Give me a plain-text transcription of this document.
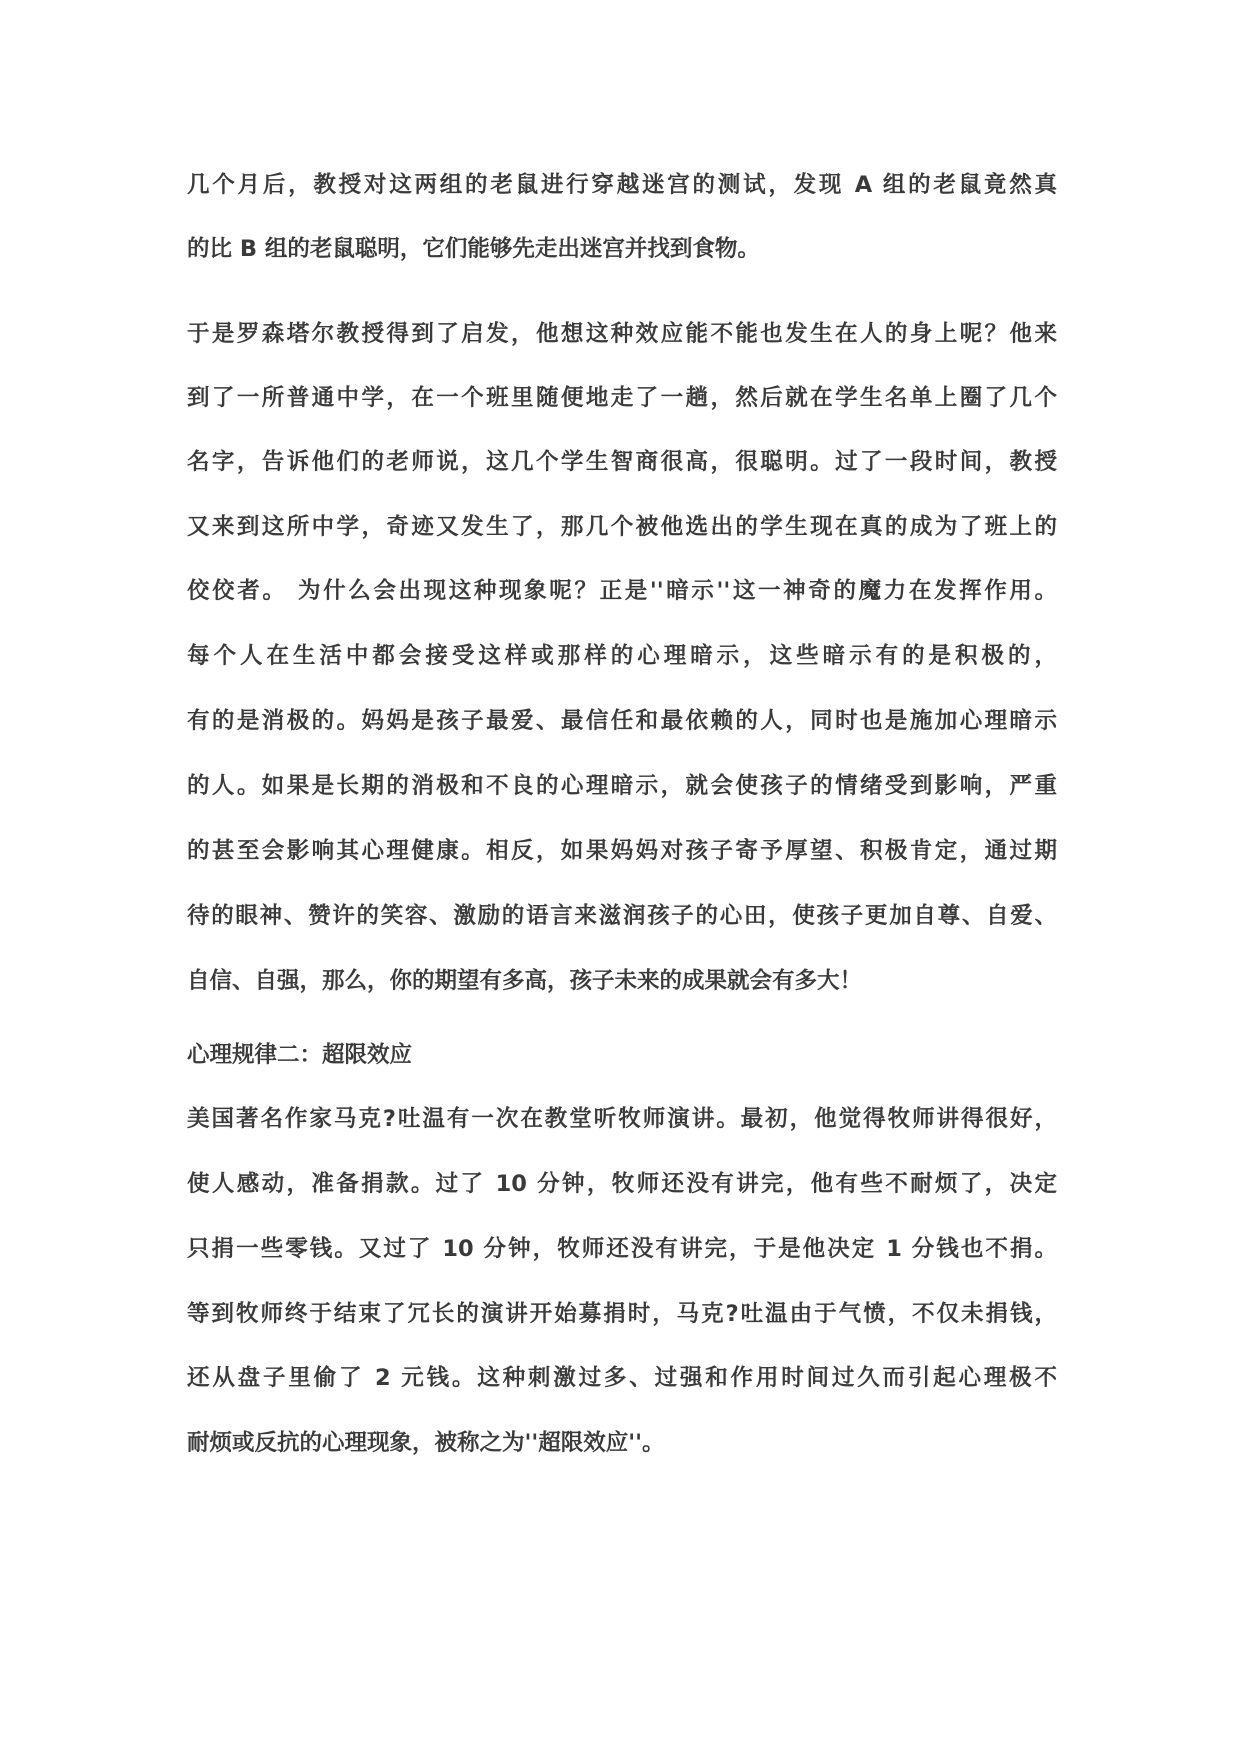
几个月后，教授对这两组的老鼠进行穿越迷宫的测试，发现 A 组的老鼠竟然真
的比 B 组的老鼠聪明，它们能够先走出迷宫并找到食物。
于是罗森塔尔教授得到了启发，他想这种效应能不能也发生在人的身上呢？他来
到了一所普通中学，在一个班里随便地走了一趟，然后就在学生名单上圈了几个
名字，告诉他们的老师说，这几个学生智商很高，很聪明。过了一段时间，教授
又来到这所中学，奇迹又发生了，那几个被他选出的学生现在真的成为了班上的
佼佼者。 为什么会出现这种现象呢？正是''暗示''这一神奇的魔力在发挥作用。
每个人在生活中都会接受这样或那样的心理暗示，这些暗示有的是积极的，
有的是消极的。妈妈是孩子最爱、最信任和最依赖的人，同时也是施加心理暗示
的人。如果是长期的消极和不良的心理暗示，就会使孩子的情绪受到影响，严重
的甚至会影响其心理健康。相反，如果妈妈对孩子寄予厚望、积极肯定，通过期
待的眼神、赞许的笑容、激励的语言来滋润孩子的心田，使孩子更加自尊、自爱、
自信、自强，那么，你的期望有多高，孩子未来的成果就会有多大！
心理规律二：超限效应
美国著名作家马克?吐温有一次在教堂听牧师演讲。最初，他觉得牧师讲得很好，
使人感动，准备捐款。过了 10 分钟，牧师还没有讲完，他有些不耐烦了，决定
只捐一些零钱。又过了 10 分钟，牧师还没有讲完，于是他决定 1 分钱也不捐。
等到牧师终于结束了冗长的演讲开始募捐时，马克?吐温由于气愤，不仅未捐钱，
还从盘子里偷了 2 元钱。这种刺激过多、过强和作用时间过久而引起心理极不
耐烦或反抗的心理现象，被称之为''超限效应''。
